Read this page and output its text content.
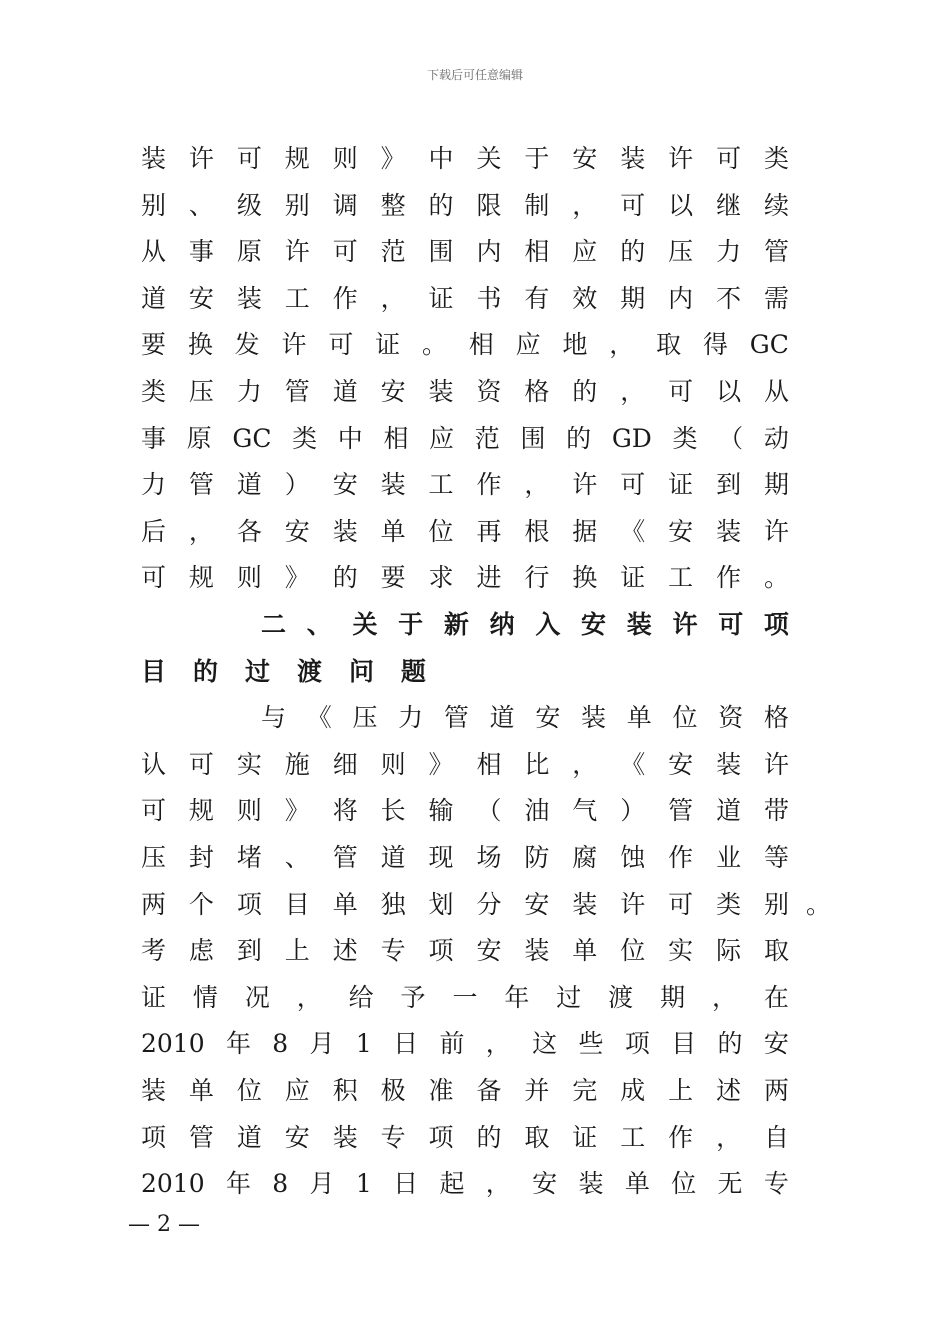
下载后可任意编辑
装 许 可 规 则 》 中 关 于 安 装 许 可 类
别 、 级 别 调 整 的 限 制 ， 可 以 继 续
从 事 原 许 可 范 围 内 相 应 的 压 力 管
道 安 装 工 作 ， 证 书 有 效 期 内 不 需
要 换 发 许 可 证 。 相 应 地 ， 取 得 GC
类 压 力 管 道 安 装 资 格 的 ， 可 以 从
事 原 GC 类 中 相 应 范 围 的 GD 类 （ 动
力 管 道 ） 安 装 工 作 ， 许 可 证 到 期
后 ， 各 安 装 单 位 再 根 据 《 安 装 许
可 规 则 》 的 要 求 进 行 换 证 工 作 。
二 、 关 于 新 纳 入 安 装 许 可 项
目 的 过 渡 问 题
与 《 压 力 管 道 安 装 单 位 资 格
认 可 实 施 细 则 》 相 比 ， 《 安 装 许
可 规 则 》 将 长 输 （ 油 气 ） 管 道 带
压 封 堵 、 管 道 现 场 防 腐 蚀 作 业 等
两 个 项 目 单 独 划 分 安 装 许 可 类 别 。
考 虑 到 上 述 专 项 安 装 单 位 实 际 取
证 情 况 ， 给 予 一 年 过 渡 期 ， 在
2010 年 8 月 1 日 前 ， 这 些 项 目 的 安
装 单 位 应 积 极 准 备 并 完 成 上 述 两
项 管 道 安 装 专 项 的 取 证 工 作 ， 自
2010 年 8 月 1 日 起 ， 安 装 单 位 无 专
— 2 —
